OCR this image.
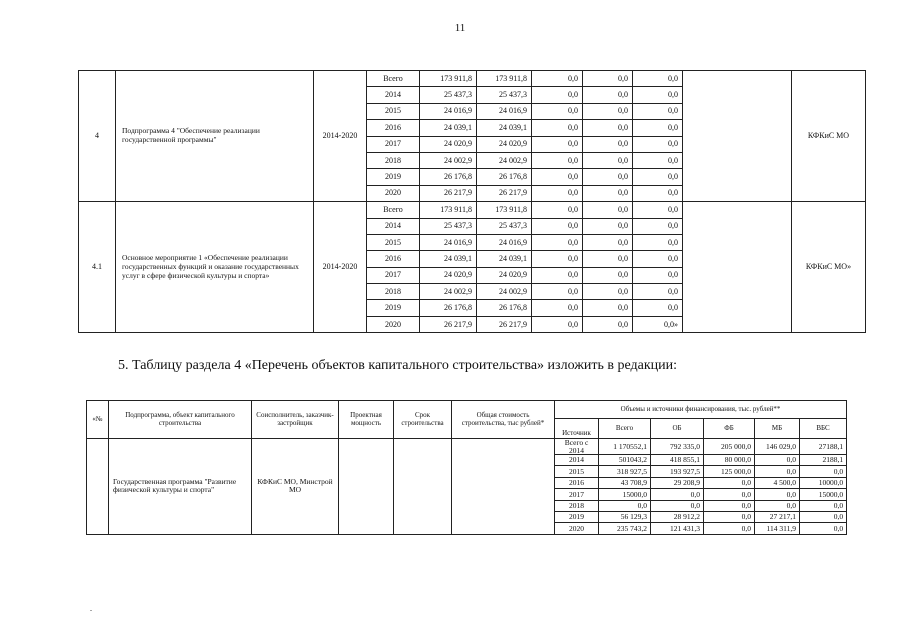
11
4	Подпрограмма 4 "Обеспечение реализации государственной программы"	2014-2020	Всего	173 911,8	173 911,8	0,0	0,0	0,0		КФКиС МО
			2014	25 437,3	25 437,3	0,0	0,0	0,0		
			2015	24 016,9	24 016,9	0,0	0,0	0,0		
			2016	24 039,1	24 039,1	0,0	0,0	0,0		
			2017	24 020,9	24 020,9	0,0	0,0	0,0		
			2018	24 002,9	24 002,9	0,0	0,0	0,0		
			2019	26 176,8	26 176,8	0,0	0,0	0,0		
			2020	26 217,9	26 217,9	0,0	0,0	0,0		
4.1	Основное мероприятие 1 «Обеспечение реализации государственных функций и оказание государственных услуг в сфере физической культуры и спорта»	2014-2020	Всего	173 911,8	173 911,8	0,0	0,0	0,0		КФКиС МО»
			2014	25 437,3	25 437,3	0,0	0,0	0,0		
			2015	24 016,9	24 016,9	0,0	0,0	0,0		
			2016	24 039,1	24 039,1	0,0	0,0	0,0		
			2017	24 020,9	24 020,9	0,0	0,0	0,0		
			2018	24 002,9	24 002,9	0,0	0,0	0,0		
			2019	26 176,8	26 176,8	0,0	0,0	0,0		
			2020	26 217,9	26 217,9	0,0	0,0	0,0»		
5. Таблицу раздела 4 «Перечень объектов капитального строительства» изложить в редакции:
«№	Подпрограмма, объект капитального строительства	Соисполнитель, заказчик-застройщик	Проектная мощность	Срок строительства	Общая стоимость строительства, тыс рублей*	Объемы и источники финансирования, тыс. рублей**					
						Источник	Всего	ОБ	ФБ	МБ	ВБС
	Государственная программа "Развитие физической культуры и спорта"	КФКиС МО, Минстрой МО				Всего с 2014	1 170552,1	792 335,0	205 000,0	146 029,0	27188,1
						2014	501043,2	418 855,1	80 000,0	0,0	2188,1
						2015	318 927,5	193 927,5	125 000,0	0,0	0,0
						2016	43 708,9	29 208,9	0,0	4 500,0	10000,0
						2017	15000,0	0,0	0,0	0,0	15000,0
						2018	0,0	0,0	0,0	0,0	0,0
						2019	56 129,3	28 912,2	0,0	27 217,1	0,0
						2020	235 743,2	121 431,3	0,0	114 311,9	0,0
.
